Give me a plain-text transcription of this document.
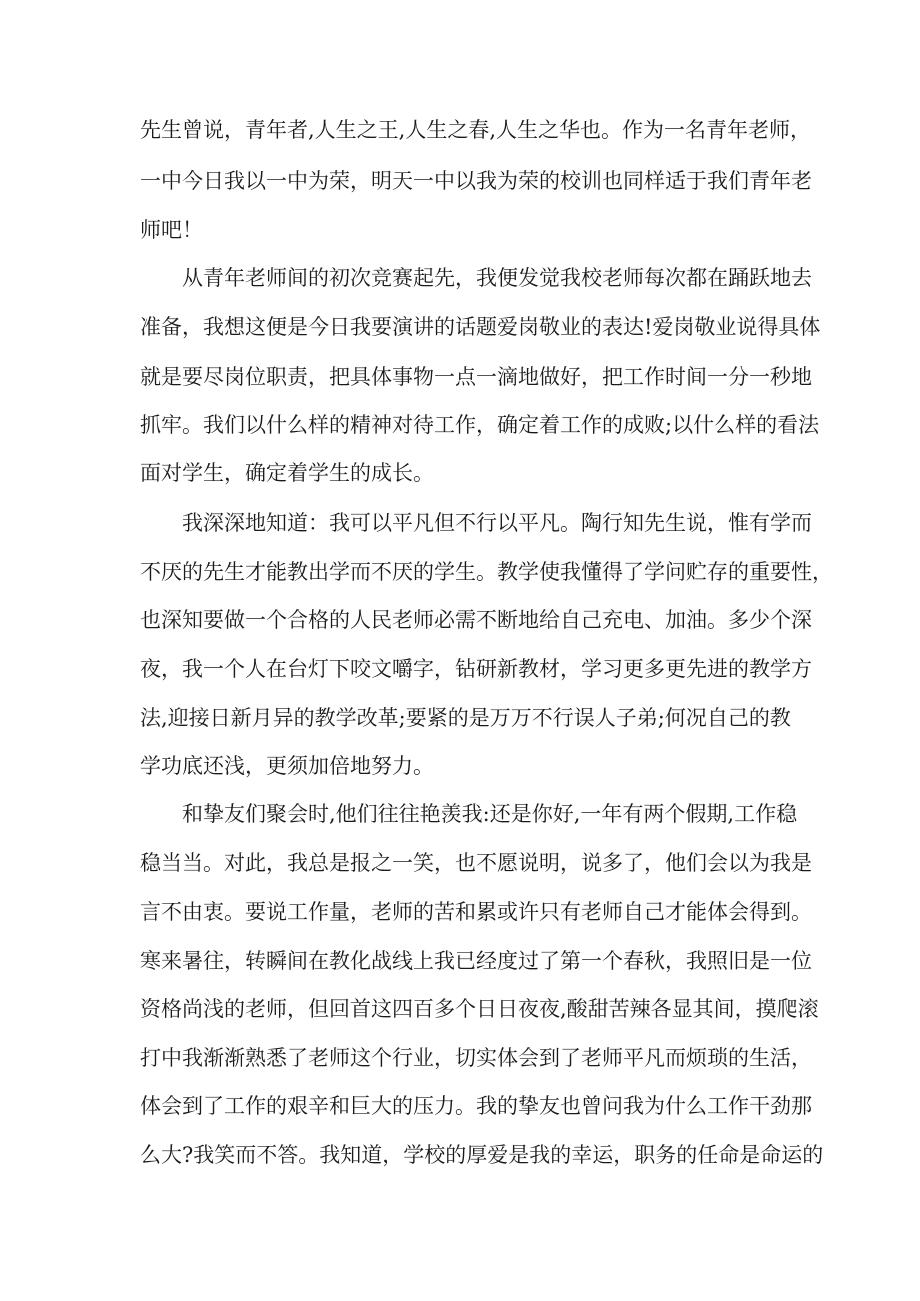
先生曾说，青年者,人生之王,人生之春,人生之华也。作为一名青年老师，
一中今日我以一中为荣，明天一中以我为荣的校训也同样适于我们青年老
师吧！
从青年老师间的初次竞赛起先，我便发觉我校老师每次都在踊跃地去
准备，我想这便是今日我要演讲的话题爱岗敬业的表达!爱岗敬业说得具体
就是要尽岗位职责，把具体事物一点一滴地做好，把工作时间一分一秒地
抓牢。我们以什么样的精神对待工作，确定着工作的成败;以什么样的看法
面对学生，确定着学生的成长。
我深深地知道：我可以平凡但不行以平凡。陶行知先生说，惟有学而
不厌的先生才能教出学而不厌的学生。教学使我懂得了学问贮存的重要性，
也深知要做一个合格的人民老师必需不断地给自己充电、加油。多少个深
夜，我一个人在台灯下咬文嚼字，钻研新教材，学习更多更先进的教学方
法,迎接日新月异的教学改革;要紧的是万万不行误人子弟;何况自己的教
学功底还浅，更须加倍地努力。
和挚友们聚会时,他们往往艳羡我:还是你好,一年有两个假期,工作稳
稳当当。对此，我总是报之一笑，也不愿说明，说多了，他们会以为我是
言不由衷。要说工作量，老师的苦和累或许只有老师自己才能体会得到。
寒来暑往，转瞬间在教化战线上我已经度过了第一个春秋，我照旧是一位
资格尚浅的老师，但回首这四百多个日日夜夜,酸甜苦辣各显其间，摸爬滚
打中我渐渐熟悉了老师这个行业，切实体会到了老师平凡而烦琐的生活，
体会到了工作的艰辛和巨大的压力。我的挚友也曾问我为什么工作干劲那
么大?我笑而不答。我知道，学校的厚爱是我的幸运，职务的任命是命运的
